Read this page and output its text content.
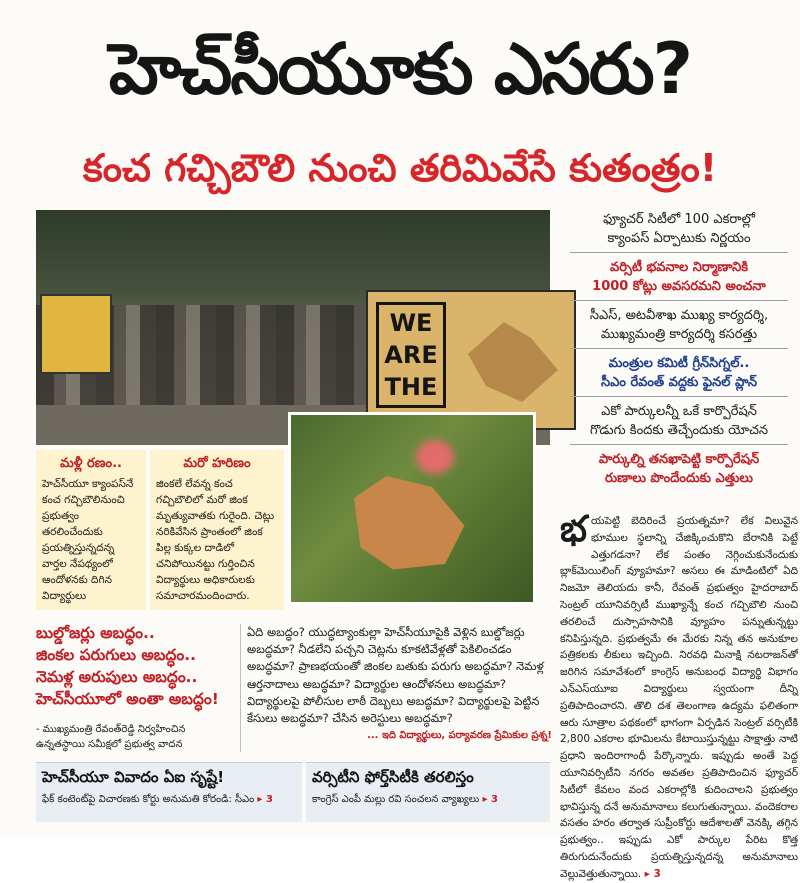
హెచ్‌సీయూకు ఎసరు?
కంచ గచ్చిబౌలి నుంచి తరిమివేసే కుతంత్రం!
WE ARE THE
ఫ్యూచర్ సిటీలో 100 ఎకరాల్లో
క్యాంపస్ ఏర్పాటుకు నిర్ణయం
వర్సిటీ భవనాల నిర్మాణానికి
1000 కోట్లు అవసరమని అంచనా
సీఎస్, అటవీశాఖ ముఖ్య కార్యదర్శి,
ముఖ్యమంత్రి కార్యదర్శి కసరత్తు
మంత్రుల కమిటీ గ్రీన్‌సిగ్నల్..
సీఎం రేవంత్ వద్దకు ఫైనల్ ప్లాన్
ఎకో పార్కులన్నీ ఒకే కార్పొరేషన్
గొడుగు కిందకు తెచ్చేందుకు యోచన
పార్కుల్ని తనఖాపెట్టి కార్పొరేషన్
రుణాలు పొందేందుకు ఎత్తులు
మళ్లీ రణం..
హెచ్‌సీయూ క్యాంపస్‌నే కంచ గచ్చిబౌలినుంచి ప్రభుత్వం తరలించేందుకు ప్రయత్నిస్తున్నదన్న వార్తల నేపథ్యంలో ఆందోళనకు దిగిన విద్యార్థులు
మరో హరిణం
జింకలే లేవన్న కంచ గచ్చిబౌలిలో మరో జింక మృత్యువాతకు గురైంది. చెట్లు నరికివేసిన ప్రాంతంలో జింక పిల్ల కుక్కల దాడిలో చనిపోయినట్టు గుర్తించిన విద్యార్థులు అధికారులకు సమాచారమందించారు.
బుల్డోజర్లు అబద్ధం..
జింకల పరుగులు అబద్ధం..
నెమళ్ల అరుపులు అబద్ధం..
హెచ్‌సీయూలో అంతా అబద్ధం!
- ముఖ్యమంత్రి రేవంత్‌రెడ్డి నిర్వహించిన ఉన్నతస్థాయి సమీక్షలో ప్రభుత్వ వాదన
ఏది అబద్ధం? యుద్ధట్యాంకుల్లా హెచ్‌సీయూపైకి వెళ్లిన బుల్డోజర్లు అబద్ధమా? నీడలేని పచ్చని చెట్లను కూకటివేళ్లతో పెకిలించడం అబద్ధమా? ప్రాణభయంతో జింకల బతుకు పరుగు అబద్ధమా? నెమళ్ల ఆర్తనాదాలు అబద్ధమా? విద్యార్థుల ఆందోళనలు అబద్ధమా? విద్యార్థులపై పోలీసుల లాఠీ దెబ్బలు అబద్ధమా? విద్యార్థులపై పెట్టిన కేసులు అబద్ధమా? చేసిన అరెస్టులు అబద్ధమా?
... ఇది విద్యార్థులు, పర్యావరణ ప్రేమికుల ప్రశ్న!
భ యపెట్టి బెదిరించే ప్రయత్నమా? లేక విలువైన భూముల స్థలాన్ని చేజిక్కించుకొని బేరానికి పెట్టే ఎత్తుగడనా? లేక పంతం నెగ్గించుకునేందుకు బ్లాక్‌మెయిలింగ్ వ్యూహమా? అసలు ఈ మాడింటిలో ఏది నిజమో తెలియదు కానీ, రేవంత్ ప్రభుత్వం హైదరాబాద్ సెంట్రల్ యూనివర్సిటీ ముఖ్యాన్నే కంచ గచ్చిబౌలి నుంచి తరలించే దుస్సాహసానికి వ్యూహం పన్నుతున్నట్టు కనిపిస్తున్నది. ప్రభుత్వమే ఈ మేరకు నిన్న తన అనుకూల పత్రికలకు లీకులు ఇచ్చింది. నిరవధి మినాక్షి నటరాజన్‌తో జరిగిన సమావేశంలో కాంగ్రెస్ అనుబంధ విద్యార్థి విభాగం ఎన్‌ఎస్‌యూఐ విద్యార్థులు స్వయంగా దీన్ని ప్రతిపాదించారని. తొలి దశ తెలంగాణ ఉద్యమ ఫలితంగా ఆరు సూత్రాల పథకంలో భాగంగా ఏర్పడిన సెంట్రల్ వర్సిటీకి 2,800 ఎకరాల భూమిలను కేటాయిస్తున్నట్టు సాక్షాత్తు నాటి ప్రధాని ఇందిరాగాంధీ పేర్కొన్నారు. ఇప్పుడు అంతే పెద్ద యూనివర్సిటీని నగరం అవతల ప్రతిపాదించిన ఫ్యూచర్ సిటీలో కేవలం వంద ఎకరాల్లోకి కుదించాలని ప్రభుత్వం భావిస్తున్న దనే అనుమానాలు కలుగుతున్నాయి. వందెకరాల వసతం హరం తర్వాత సుప్రీంకోర్టు ఆదేశాలతో వెనక్కి తగ్గిన ప్రభుత్వం.. ఇప్పుడు ఎకో పార్కుల పేరిట కొత్త తిరుగుదునేందుకు ప్రయత్నిస్తున్నదన్న అనుమానాలు వెల్లువెత్తుతున్నాయి. ▸ 3
హెచ్‌సీయూ వివాదం ఏఐ సృష్టే!
ఫేక్ కంటెంట్‌పై విచారణకు కోర్టు అనుమతి కోరండి: సీఎం ▸ 3
వర్సిటీని ఫోర్త్‌సిటీకి తరలిస్తం
కాంగ్రెస్ ఎంపీ మల్లు రవి సంచలన వ్యాఖ్యలు ▸ 3
